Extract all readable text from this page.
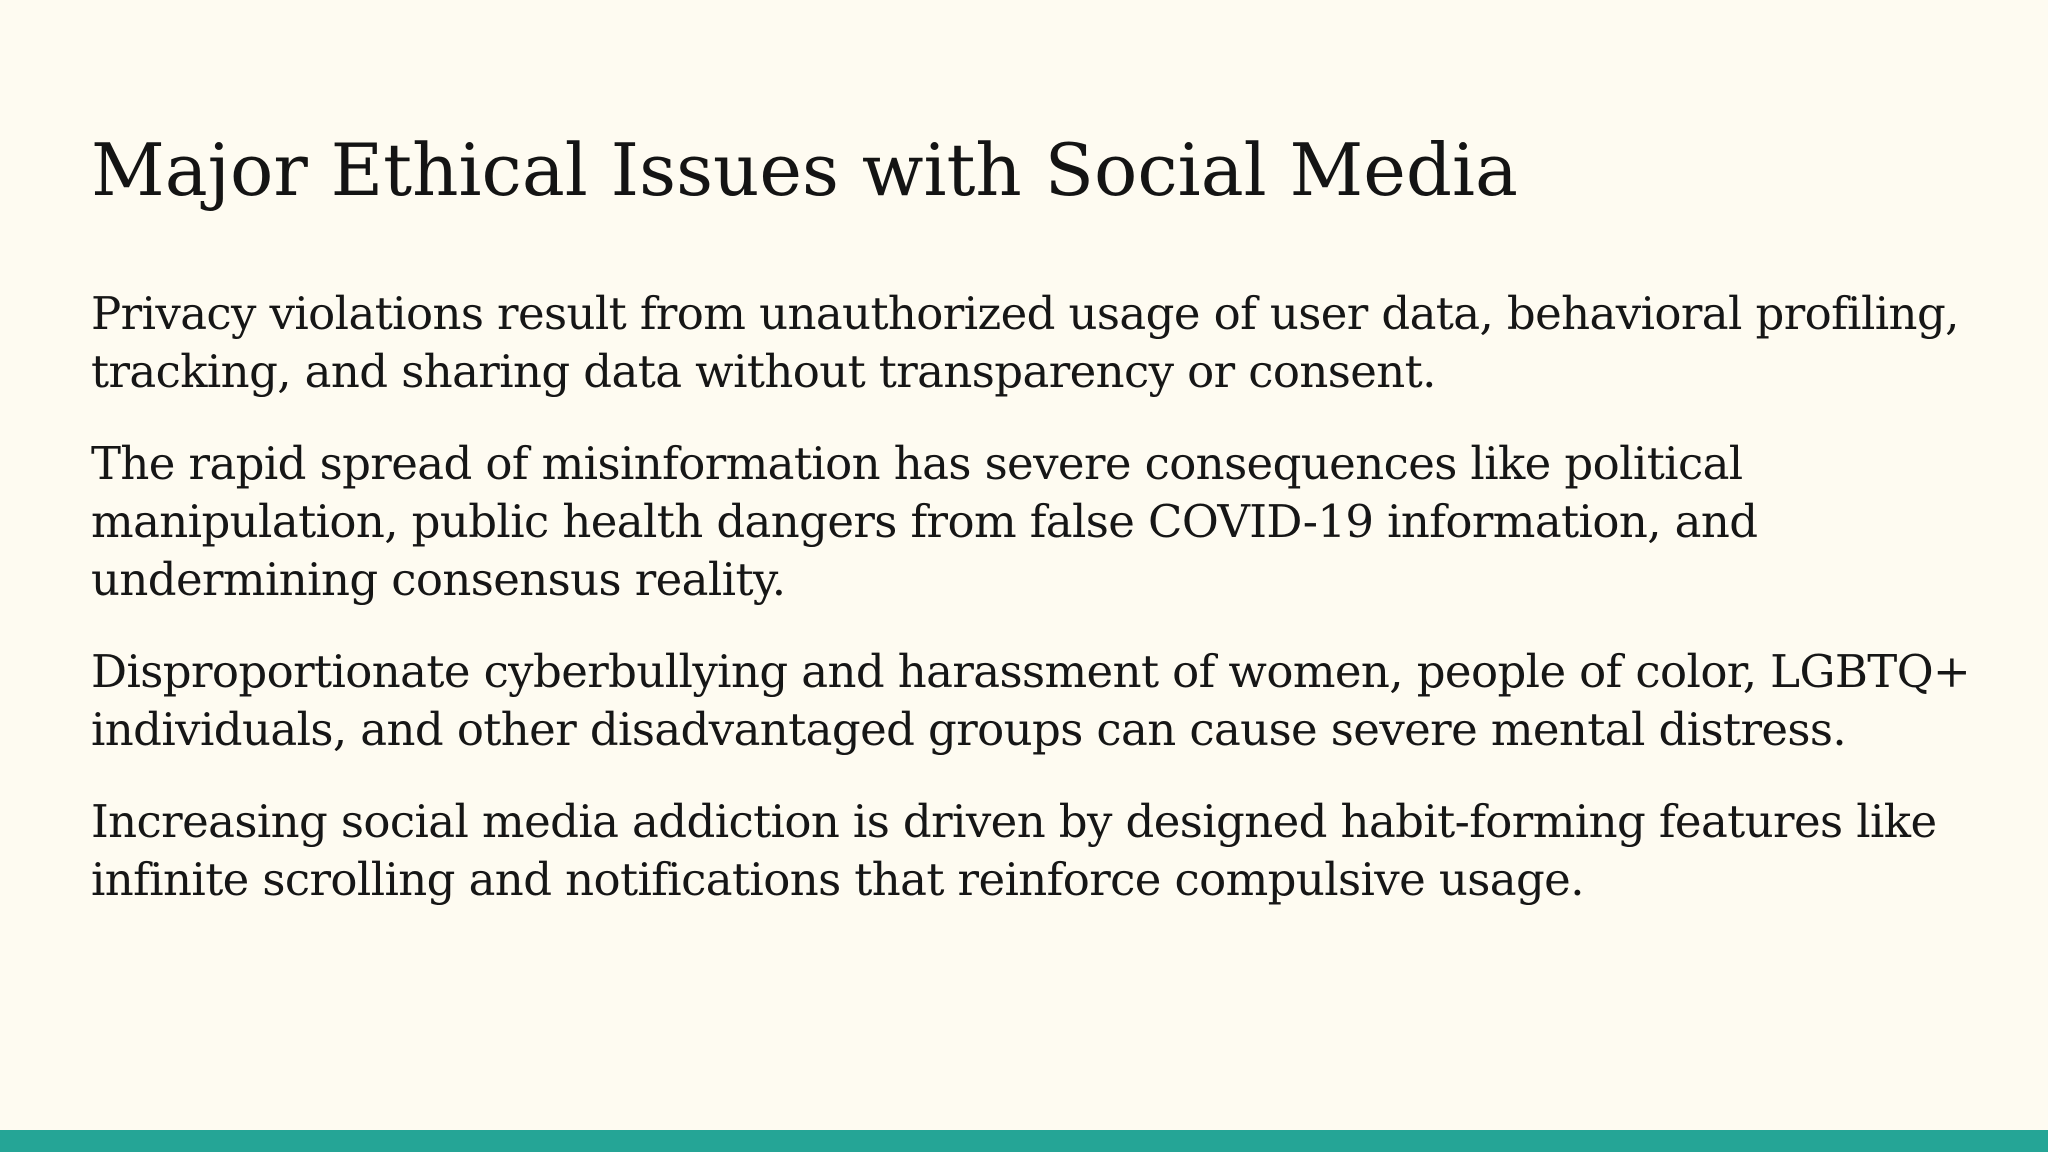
Major Ethical Issues with Social Media

Privacy violations result from unauthorized usage of user data, behavioral profiling, tracking, and sharing data without transparency or consent.

The rapid spread of misinformation has severe consequences like political manipulation, public health dangers from false COVID-19 information, and undermining consensus reality.

Disproportionate cyberbullying and harassment of women, people of color, LGBTQ+ individuals, and other disadvantaged groups can cause severe mental distress.

Increasing social media addiction is driven by designed habit-forming features like infinite scrolling and notifications that reinforce compulsive usage.
